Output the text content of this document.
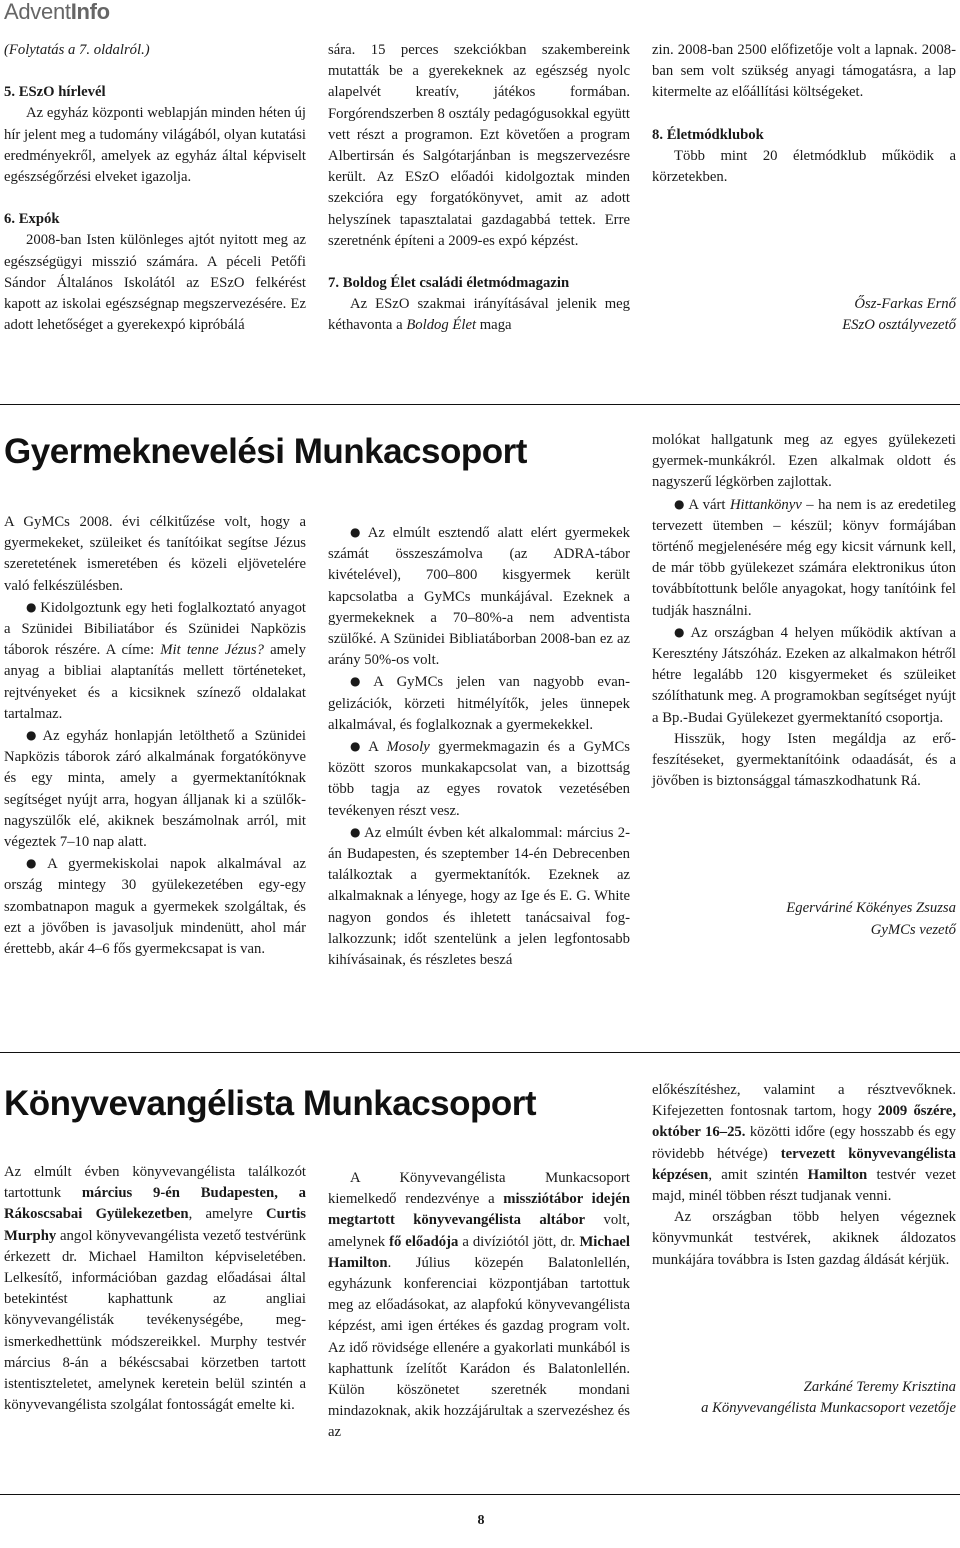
AdventInfo

(Folytatás a 7. oldalról.)

5. ESzO hírlevél

Az egyház központi weblapján minden héten új hír jelent meg a tudomány világából, olyan kutatási eredményekről, amelyek az egyház által képviselt egészségőrzési elveket igazolja.

6. Expók

2008-ban Isten különleges ajtót nyitott meg az egészségügyi misszió számára. A péceli Petőfi Sándor Általános Iskolától az ESzO felkérést kapott az iskolai egészségnap megszervezésére. Ez adott lehetőséget a gyerekexpó kipróbálá

sára. 15 perces szekciókban szakembereink mutatták be a gyerekeknek az egészség nyolc alapelvét kreatív, játékos formában. Forgórendszerben 8 osztály pedagógusokkal együtt vett részt a programon. Ezt követően a program Albertirsán és Salgótarjánban is megszervezésre került. Az ESzO előadói kidolgoztak minden szekcióra egy forgatókönyvet, amit az adott helyszínek tapasztalatai gazdagabbá tettek. Erre szeretnénk építeni a 2009-es expó képzést.

7. Boldog Élet családi életmódmagazin

Az ESzO szakmai irányításával jelenik meg kéthavonta a Boldog Élet maga

zin. 2008-ban 2500 előfizetője volt a lapnak. 2008-ban sem volt szükség anyagi támogatásra, a lap kitermelte az előállítási költségeket.

8. Életmódklubok

Több mint 20 életmódklub működik a körzetekben.

Ősz-Farkas Ernő

ESzO osztályvezető

Gyermeknevelési Munkacsoport

A GyMCs 2008. évi célkitűzése volt, hogy a gyermekeket, szüleiket és tanítóikat segítse Jézus szeretetének ismeretében és közeli eljövetelére való felkészülésben.

● Kidolgoztunk egy heti foglalkoztató anyagot a Szünidei Bibiliatábor és Szünidei Napközis táborok részére. A címe: Mit tenne Jézus? amely anyag a bibliai alaptanítás mellett történeteket, rejtvényeket és a kicsiknek színező oldalakat tartalmaz.

● Az egyház honlapján letölthető a Szünidei Napközis táborok záró alkalmának forgatókönyve és egy minta, amely a gyermektanítóknak segítséget nyújt arra, hogyan álljanak ki a szülők-nagyszülők elé, akiknek beszámolnak arról, mit végeztek 7–10 nap alatt.

● A gyermekiskolai napok alkalmával az ország mintegy 30 gyülekezetében egy-egy szombatnapon maguk a gyermekek szolgáltak, és ezt a jövőben is javasoljuk mindenütt, ahol már érettebb, akár 4–6 fős gyermekcsapat is van.

● Az elmúlt esztendő alatt elért gyermekek számát összeszámolva (az ADRA-tábor kivételével), 700–800 kisgyermek került kapcsolatba a GyMCs munkájával. Ezeknek a gyermekeknek a 70–80%-a nem adventista szülőké. A Szünidei Bibliatáborban 2008-ban ez az arány 50%-os volt.

● A GyMCs jelen van nagyobb evangelizációk, körzeti hitmélyítők, jeles ünnepek alkalmával, és foglalkoznak a gyermekekkel.

● A Mosoly gyermekmagazin és a GyMCs között szoros munkakapcsolat van, a bizottság több tagja az egyes rovatok vezetésében tevékenyen részt vesz.

● Az elmúlt évben két alkalommal: március 2-án Budapesten, és szeptember 14-én Debrecenben találkoztak a gyermektanítók. Ezeknek az alkalmaknak a lényege, hogy az Ige és E. G. White nagyon gondos és ihletett tanácsaival foglalkozzunk; időt szentelünk a jelen legfontosabb kihívásainak, és részletes beszá

molókat hallgatunk meg az egyes gyülekezeti gyermek-munkákról. Ezen alkalmak oldott és nagyszerű légkörben zajlottak.

● A várt Hittankönyv – ha nem is az eredetileg tervezett ütemben – készül; könyv formájában történő megjelenésére még egy kicsit várnunk kell, de már több gyülekezet számára elektronikus úton továbbítottunk belőle anyagokat, hogy tanítóink fel tudják használni.

● Az országban 4 helyen működik aktívan a Keresztény Játszóház. Ezeken az alkalmakon hétről hétre legalább 120 kisgyermeket és szüleiket szólíthatunk meg. A programokban segítséget nyújt a Bp.-Budai Gyülekezet gyermektanító csoportja.

Hisszük, hogy Isten megáldja az erőfeszítéseket, gyermektanítóink odaadását, és a jövőben is biztonsággal támaszkodhatunk Rá.

Egerváriné Kökényes Zsuzsa

GyMCs vezető

Könyvevangélista Munkacsoport

Az elmúlt évben könyvevangélista találkozót tartottunk március 9-én Budapesten, a Rákoscsabai Gyülekezetben, amelyre Curtis Murphy angol könyvevangélista vezető testvérünk érkezett dr. Michael Hamilton képviseletében. Lelkesítő, információban gazdag előadásai által betekintést kaphattunk az angliai könyvevangélisták tevékenységébe, megismerkedhettünk módszereikkel. Murphy testvér március 8-án a békéscsabai körzetben tartott istentiszteletet, amelynek keretein belül szintén a könyvevangélista szolgálat fontosságát emelte ki.

A Könyvevangélista Munkacsoport kiemelkedő rendezvénye a missziótábor idején megtartott könyvevangélista altábor volt, amelynek fő előadója a divíziótól jött, dr. Michael Hamilton. Július közepén Balatonlellén, egyházunk konferenciai központjában tartottuk meg az előadásokat, az alapfokú könyvevangélista képzést, ami igen értékes és gazdag program volt. Az idő rövidsége ellenére a gyakorlati munkából is kaphattunk ízelítőt Karádon és Balatonlellén. Külön köszönetet szeretnék mondani mindazoknak, akik hozzájárultak a szervezéshez és az

előkészítéshez, valamint a résztvevőknek. Kifejezetten fontosnak tartom, hogy 2009 őszére, október 16–25. közötti időre (egy hosszabb és egy rövidebb hétvége) tervezett könyvevangélista képzésen, amit szintén Hamilton testvér vezet majd, minél többen részt tudjanak venni.

Az országban több helyen végeznek könyvmunkát testvérek, akiknek áldozatos munkájára továbbra is Isten gazdag áldását kérjük.

Zarkáné Teremy Krisztina

a Könyvevangélista Munkacsoport vezetője

8
